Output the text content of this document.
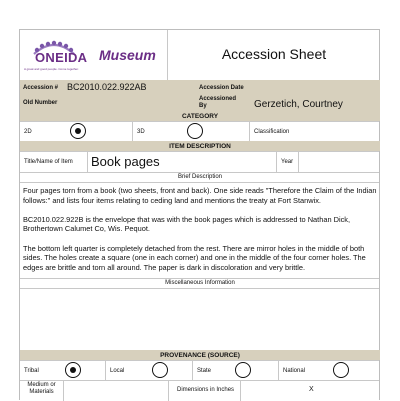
ONEIDA
A great and good people. Come together.
Museum	Accession Sheet
Accession # BC2010.022.922AB	Accession Date
Old Number
Accessioned By	Gerzetich, Courtney
CATEGORY
2D	3D	Classification
ITEM DESCRIPTION
Title/Name of Item Book pages	Year
Brief Description

Four pages torn from a book (two sheets, front and back). One side reads "Therefore the Claim of the Indian follows:" and lists four items relating to ceding land and mentions the treaty at Fort Stanwix.

BC2010.022.922B is the envelope that was with the book pages which is addressed to Nathan Dick, Brothertown Calumet Co, Wis. Pequot.

The bottom left quarter is completely detached from the rest. There are mirror holes in the middle of both sides. The holes create a square (one in each corner) and one in the middle of the four corner holes. The edges are brittle and torn all around. The paper is dark in discoloration and very brittle.

Miscellaneous Information
PROVENANCE (SOURCE)
Tribal	Local	State	National
Medium or Materials	Dimensions in Inches	X
